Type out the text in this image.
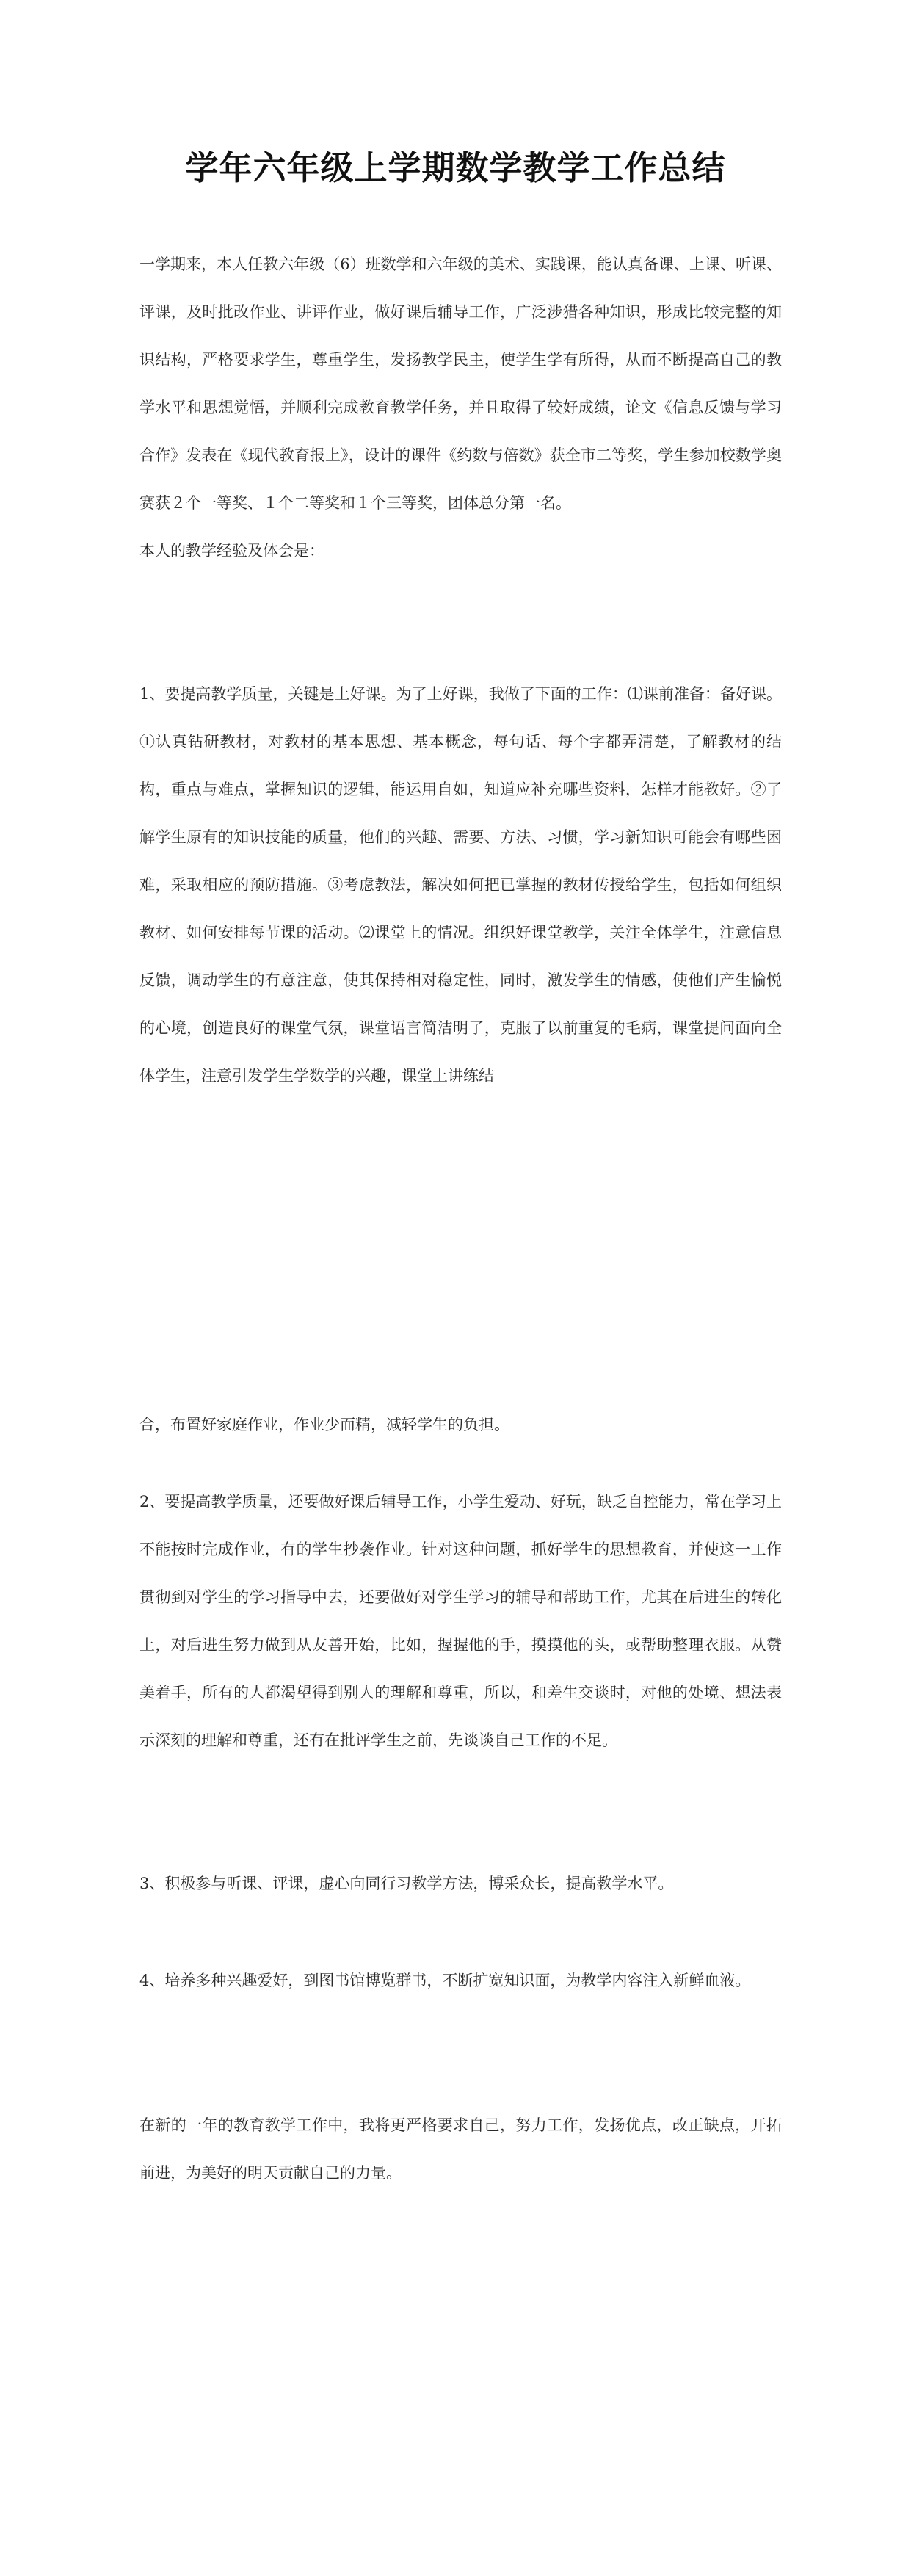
学年六年级上学期数学教学工作总结

一学期来，本人任教六年级（6）班数学和六年级的美术、实践课，能认真备课、上课、听课、评课，及时批改作业、讲评作业，做好课后辅导工作，广泛涉猎各种知识，形成比较完整的知识结构，严格要求学生，尊重学生，发扬教学民主，使学生学有所得，从而不断提高自己的教学水平和思想觉悟，并顺利完成教育教学任务，并且取得了较好成绩，论文《信息反馈与学习合作》发表在《现代教育报上》，设计的课件《约数与倍数》获全市二等奖，学生参加校数学奥赛获２个一等奖、１个二等奖和１个三等奖，团体总分第一名。

本人的教学经验及体会是：

1、要提高教学质量，关键是上好课。为了上好课，我做了下面的工作：⑴课前准备：备好课。①认真钻研教材，对教材的基本思想、基本概念，每句话、每个字都弄清楚，了解教材的结构，重点与难点，掌握知识的逻辑，能运用自如，知道应补充哪些资料，怎样才能教好。②了解学生原有的知识技能的质量，他们的兴趣、需要、方法、习惯，学习新知识可能会有哪些困难，采取相应的预防措施。③考虑教法，解决如何把已掌握的教材传授给学生，包括如何组织教材、如何安排每节课的活动。⑵课堂上的情况。组织好课堂教学，关注全体学生，注意信息反馈，调动学生的有意注意，使其保持相对稳定性，同时，激发学生的情感，使他们产生愉悦的心境，创造良好的课堂气氛，课堂语言简洁明了，克服了以前重复的毛病，课堂提问面向全体学生，注意引发学生学数学的兴趣，课堂上讲练结

合，布置好家庭作业，作业少而精，减轻学生的负担。

2、要提高教学质量，还要做好课后辅导工作，小学生爱动、好玩，缺乏自控能力，常在学习上不能按时完成作业，有的学生抄袭作业。针对这种问题，抓好学生的思想教育，并使这一工作贯彻到对学生的学习指导中去，还要做好对学生学习的辅导和帮助工作，尤其在后进生的转化上，对后进生努力做到从友善开始，比如，握握他的手，摸摸他的头，或帮助整理衣服。从赞美着手，所有的人都渴望得到别人的理解和尊重，所以，和差生交谈时，对他的处境、想法表示深刻的理解和尊重，还有在批评学生之前，先谈谈自己工作的不足。

3、积极参与听课、评课，虚心向同行习教学方法，博采众长，提高教学水平。

4、培养多种兴趣爱好，到图书馆博览群书，不断扩宽知识面，为教学内容注入新鲜血液。

在新的一年的教育教学工作中，我将更严格要求自己，努力工作，发扬优点，改正缺点，开拓前进，为美好的明天贡献自己的力量。
